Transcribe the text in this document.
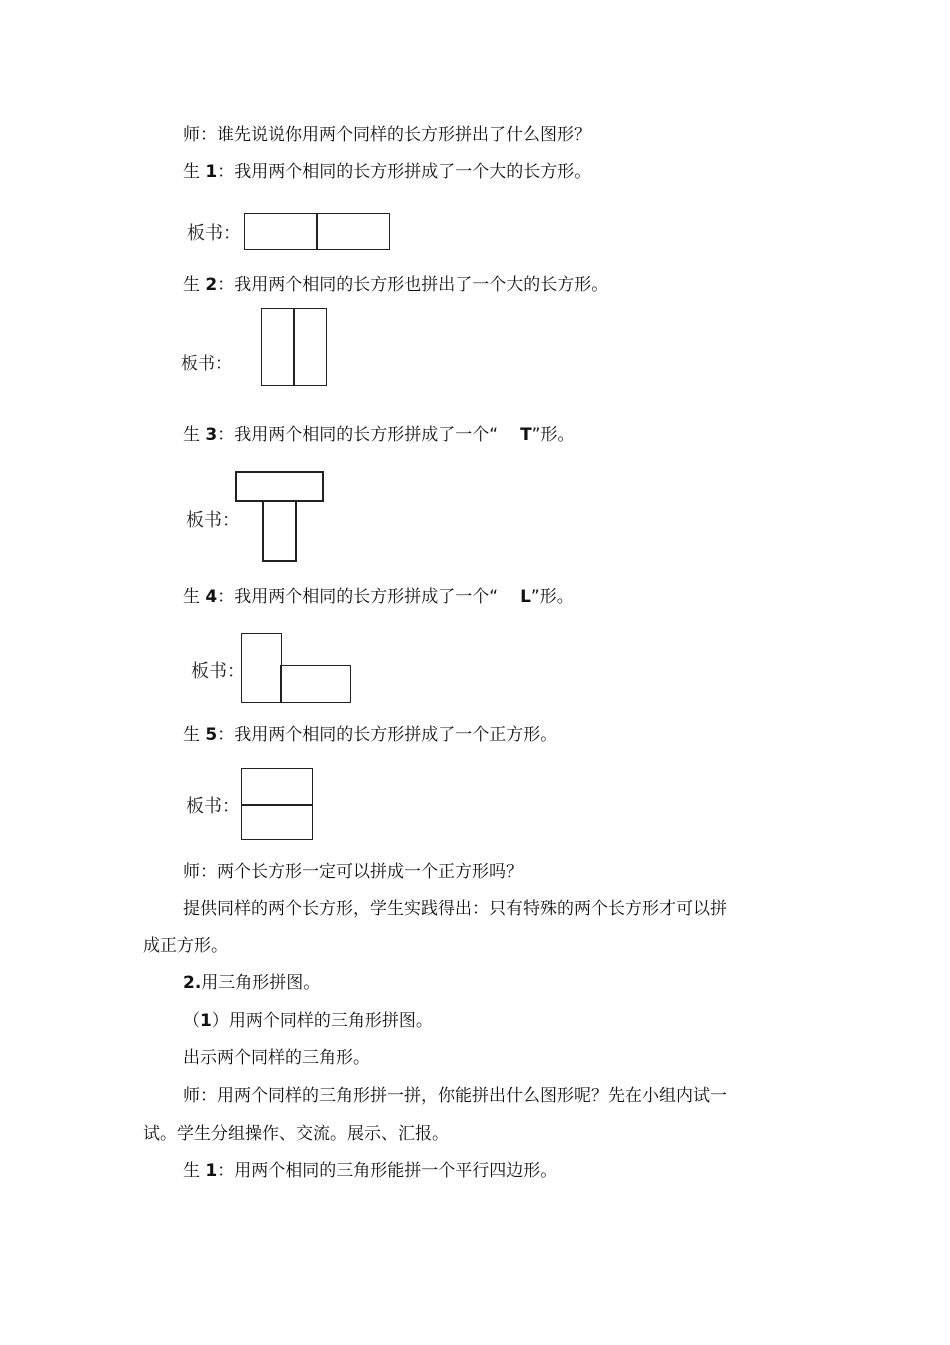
师：谁先说说你用两个同样的长方形拼出了什么图形？
生 1：我用两个相同的长方形拼成了一个大的长方形。
板书：
生 2：我用两个相同的长方形也拼出了一个大的长方形。
板书：
生 3：我用两个相同的长方形拼成了一个“ T”形。
板书：
生 4：我用两个相同的长方形拼成了一个“ L”形。
板书：
生 5：我用两个相同的长方形拼成了一个正方形。
板书：
师：两个长方形一定可以拼成一个正方形吗？
提供同样的两个长方形，学生实践得出：只有特殊的两个长方形才可以拼
成正方形。
2.用三角形拼图。
（1）用两个同样的三角形拼图。
出示两个同样的三角形。
师：用两个同样的三角形拼一拼，你能拼出什么图形呢？先在小组内试一
试。学生分组操作、交流。展示、汇报。
生 1：用两个相同的三角形能拼一个平行四边形。
